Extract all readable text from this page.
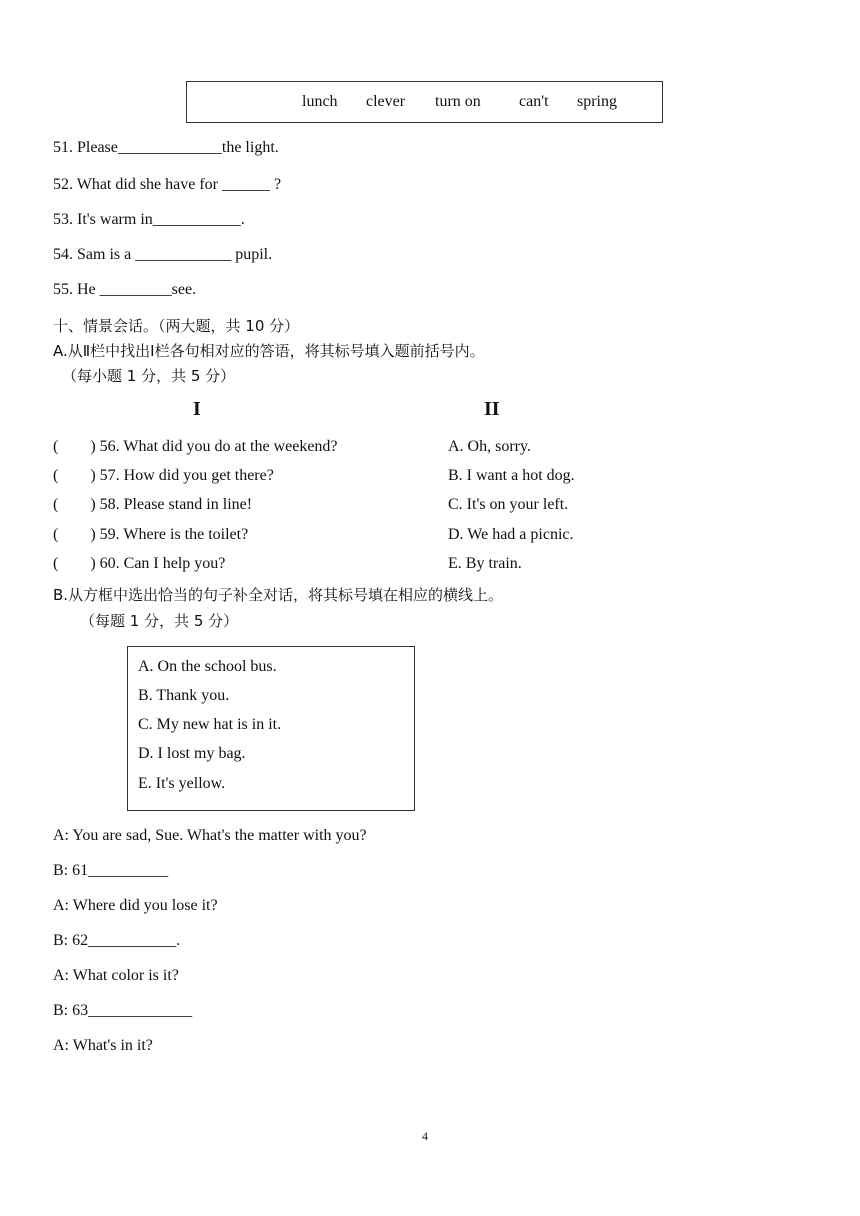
lunch clever turn on can't spring
51. Please_____________the light.
52. What did she have for ______ ?
53. It's warm in___________.
54. Sam is a ____________ pupil.
55. He _________see.
十、情景会话。（两大题，共 10 分）
A.从Ⅱ栏中找出Ⅰ栏各句相对应的答语，将其标号填入题前括号内。
（每小题 1 分，共 5 分）
I	II
(        ) 56. What did you do at the weekend?
(        ) 57. How did you get there?
(        ) 58. Please stand in line!
(        ) 59. Where is the toilet?
(        ) 60. Can I help you?
A. Oh, sorry.
B. I want a hot dog.
C. It's on your left.
D. We had a picnic.
E. By train.
B.从方框中选出恰当的句子补全对话，将其标号填在相应的横线上。
（每题 1 分，共 5 分）
A. On the school bus.
B. Thank you.
C. My new hat is in it.
D. I lost my bag.
E. It's yellow.
A: You are sad, Sue. What's the matter with you?
B: 61__________
A: Where did you lose it?
B: 62___________.
A: What color is it?
B: 63_____________
A: What's in it?
4
